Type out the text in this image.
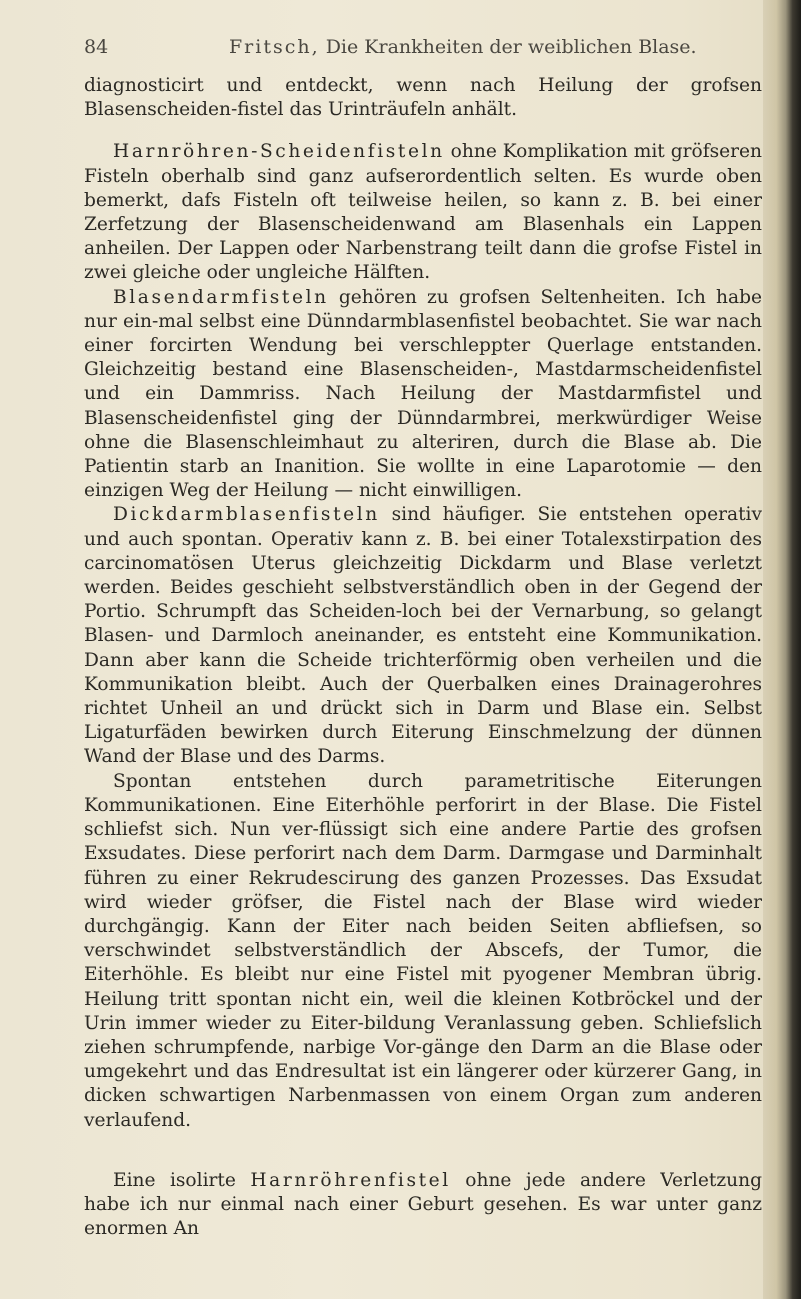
84	Fritsch, Die Krankheiten der weiblichen Blase.

diagnosticirt und entdeckt, wenn nach Heilung der grofsen Blasenscheiden-fistel das Urinträufeln anhält.

Harnröhren-Scheidenfisteln ohne Komplikation mit gröfseren Fisteln oberhalb sind ganz aufserordentlich selten. Es wurde oben bemerkt, dafs Fisteln oft teilweise heilen, so kann z. B. bei einer Zerfetzung der Blasenscheidenwand am Blasenhals ein Lappen anheilen. Der Lappen oder Narbenstrang teilt dann die grofse Fistel in zwei gleiche oder ungleiche Hälften.

Blasendarmfisteln gehören zu grofsen Seltenheiten. Ich habe nur ein-mal selbst eine Dünndarmblasenfistel beobachtet. Sie war nach einer forcirten Wendung bei verschleppter Querlage entstanden. Gleichzeitig bestand eine Blasenscheiden-, Mastdarmscheidenfistel und ein Dammriss. Nach Heilung der Mastdarmfistel und Blasenscheidenfistel ging der Dünndarmbrei, merkwürdiger Weise ohne die Blasenschleimhaut zu alteriren, durch die Blase ab. Die Patientin starb an Inanition. Sie wollte in eine Laparotomie — den einzigen Weg der Heilung — nicht einwilligen.

Dickdarmblasenfisteln sind häufiger. Sie entstehen operativ und auch spontan. Operativ kann z. B. bei einer Totalexstirpation des carcinomatösen Uterus gleichzeitig Dickdarm und Blase verletzt werden. Beides geschieht selbstverständlich oben in der Gegend der Portio. Schrumpft das Scheiden-loch bei der Vernarbung, so gelangt Blasen- und Darmloch aneinander, es entsteht eine Kommunikation. Dann aber kann die Scheide trichterförmig oben verheilen und die Kommunikation bleibt. Auch der Querbalken eines Drainagerohres richtet Unheil an und drückt sich in Darm und Blase ein. Selbst Ligaturfäden bewirken durch Eiterung Einschmelzung der dünnen Wand der Blase und des Darms.

Spontan entstehen durch parametritische Eiterungen Kommunikationen. Eine Eiterhöhle perforirt in der Blase. Die Fistel schliefst sich. Nun ver-flüssigt sich eine andere Partie des grofsen Exsudates. Diese perforirt nach dem Darm. Darmgase und Darminhalt führen zu einer Rekrudescirung des ganzen Prozesses. Das Exsudat wird wieder gröfser, die Fistel nach der Blase wird wieder durchgängig. Kann der Eiter nach beiden Seiten abfliefsen, so verschwindet selbstverständlich der Abscefs, der Tumor, die Eiterhöhle. Es bleibt nur eine Fistel mit pyogener Membran übrig. Heilung tritt spontan nicht ein, weil die kleinen Kotbröckel und der Urin immer wieder zu Eiter-bildung Veranlassung geben. Schliefslich ziehen schrumpfende, narbige Vor-gänge den Darm an die Blase oder umgekehrt und das Endresultat ist ein längerer oder kürzerer Gang, in dicken schwartigen Narbenmassen von einem Organ zum anderen verlaufend.

Eine isolirte Harnröhrenfistel ohne jede andere Verletzung habe ich nur einmal nach einer Geburt gesehen. Es war unter ganz enormen An
